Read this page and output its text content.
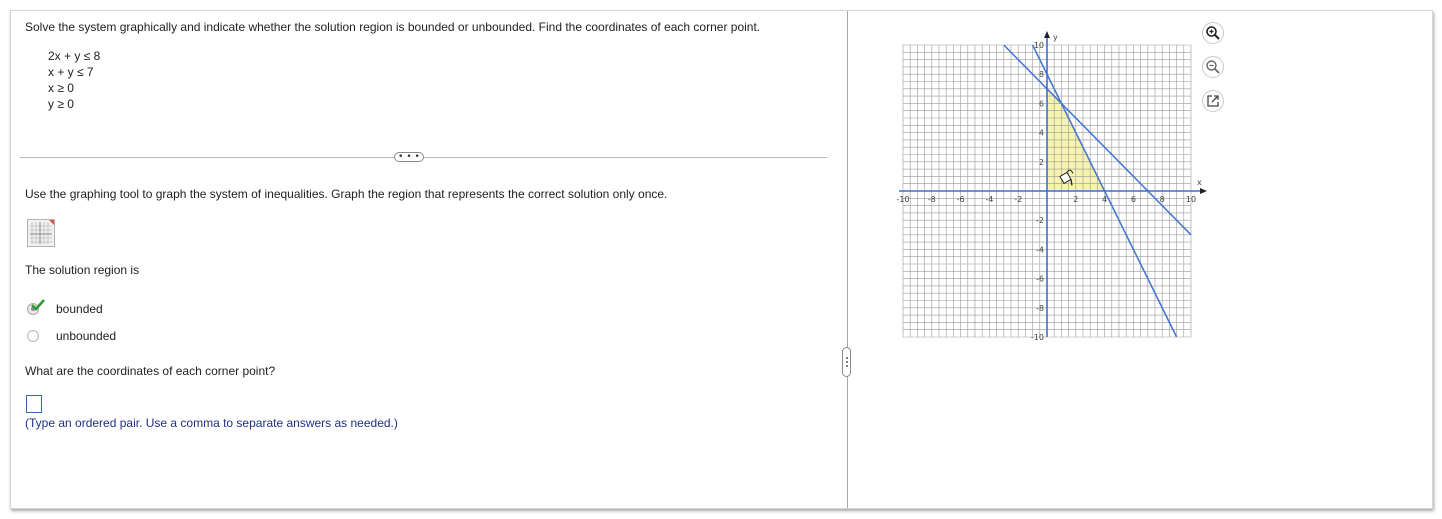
Solve the system graphically and indicate whether the solution region is bounded or unbounded. Find the coordinates of each corner point.
2x + y ≤ 8
x + y ≤ 7
x ≥ 0
y ≥ 0
• • •
Use the graphing tool to graph the system of inequalities. Graph the region that represents the correct solution only once.
The solution region is
bounded
unbounded
What are the coordinates of each corner point?
(Type an ordered pair. Use a comma to separate answers as needed.)
-10 -8	-6	-4	-2	2	4	6	8	10
10
8
6
4
2
-2
-4
-6
-8
-10
x
y
